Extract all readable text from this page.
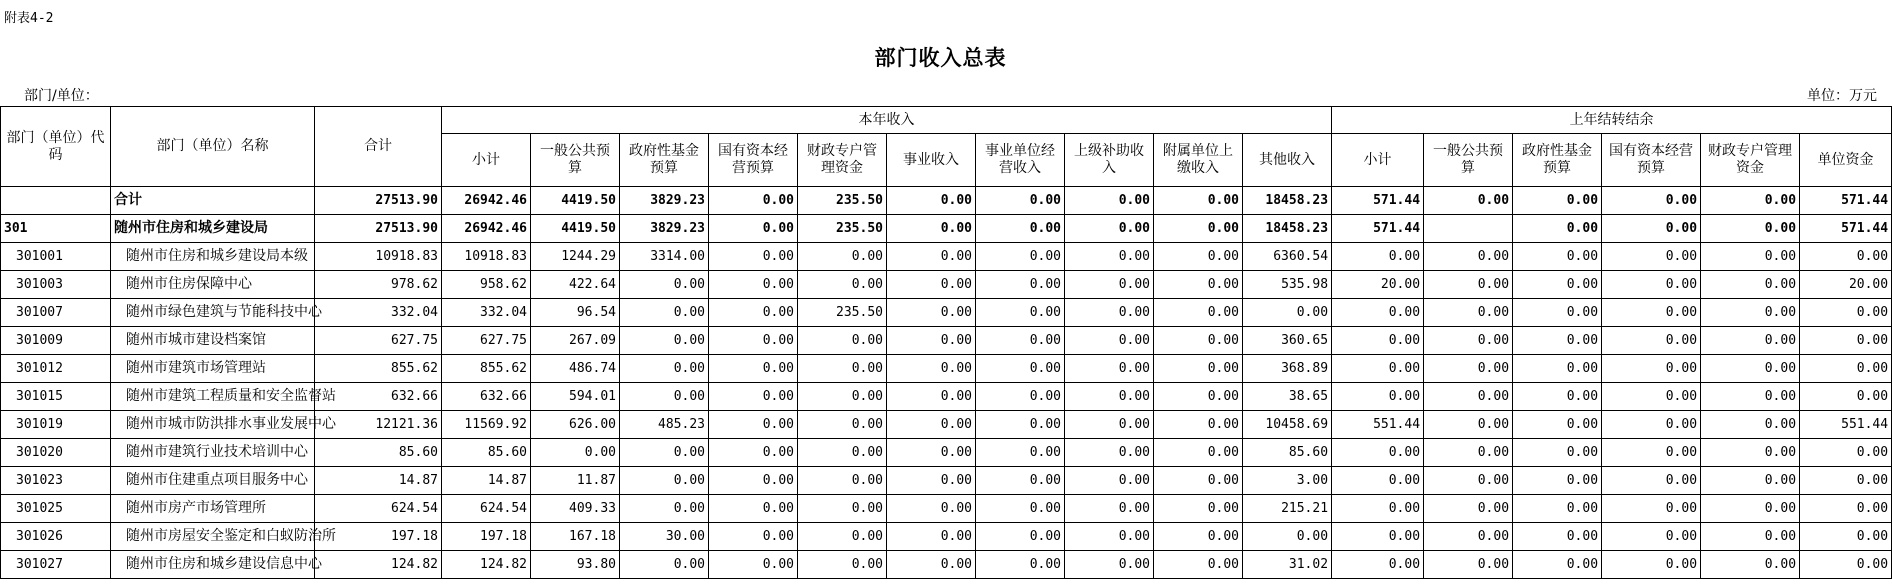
附表4-2
部门收入总表
部门/单位：	单位：万元
部门（单位）代码	部门（单位）名称	合计	本年收入										上年结转结余					
			小计	一般公共预算	政府性基金预算	国有资本经营预算	财政专户管理资金	事业收入	事业单位经营收入	上级补助收入	附属单位上缴收入	其他收入	小计	一般公共预算	政府性基金预算	国有资本经营预算	财政专户管理资金	单位资金
	合计	27513.90	26942.46	4419.50	3829.23	0.00	235.50	0.00	0.00	0.00	0.00	18458.23	571.44	0.00	0.00	0.00	0.00	571.44
301	随州市住房和城乡建设局	27513.90	26942.46	4419.50	3829.23	0.00	235.50	0.00	0.00	0.00	0.00	18458.23	571.44		0.00	0.00	0.00	571.44
301001	随州市住房和城乡建设局本级	10918.83	10918.83	1244.29	3314.00	0.00	0.00	0.00	0.00	0.00	0.00	6360.54	0.00	0.00	0.00	0.00	0.00	0.00
301003	随州市住房保障中心	978.62	958.62	422.64	0.00	0.00	0.00	0.00	0.00	0.00	0.00	535.98	20.00	0.00	0.00	0.00	0.00	20.00
301007	随州市绿色建筑与节能科技中心	332.04	332.04	96.54	0.00	0.00	235.50	0.00	0.00	0.00	0.00	0.00	0.00	0.00	0.00	0.00	0.00	0.00
301009	随州市城市建设档案馆	627.75	627.75	267.09	0.00	0.00	0.00	0.00	0.00	0.00	0.00	360.65	0.00	0.00	0.00	0.00	0.00	0.00
301012	随州市建筑市场管理站	855.62	855.62	486.74	0.00	0.00	0.00	0.00	0.00	0.00	0.00	368.89	0.00	0.00	0.00	0.00	0.00	0.00
301015	随州市建筑工程质量和安全监督站	632.66	632.66	594.01	0.00	0.00	0.00	0.00	0.00	0.00	0.00	38.65	0.00	0.00	0.00	0.00	0.00	0.00
301019	随州市城市防洪排水事业发展中心	12121.36	11569.92	626.00	485.23	0.00	0.00	0.00	0.00	0.00	0.00	10458.69	551.44	0.00	0.00	0.00	0.00	551.44
301020	随州市建筑行业技术培训中心	85.60	85.60	0.00	0.00	0.00	0.00	0.00	0.00	0.00	0.00	85.60	0.00	0.00	0.00	0.00	0.00	0.00
301023	随州市住建重点项目服务中心	14.87	14.87	11.87	0.00	0.00	0.00	0.00	0.00	0.00	0.00	3.00	0.00	0.00	0.00	0.00	0.00	0.00
301025	随州市房产市场管理所	624.54	624.54	409.33	0.00	0.00	0.00	0.00	0.00	0.00	0.00	215.21	0.00	0.00	0.00	0.00	0.00	0.00
301026	随州市房屋安全鉴定和白蚁防治所	197.18	197.18	167.18	30.00	0.00	0.00	0.00	0.00	0.00	0.00	0.00	0.00	0.00	0.00	0.00	0.00	0.00
301027	随州市住房和城乡建设信息中心	124.82	124.82	93.80	0.00	0.00	0.00	0.00	0.00	0.00	0.00	31.02	0.00	0.00	0.00	0.00	0.00	0.00
